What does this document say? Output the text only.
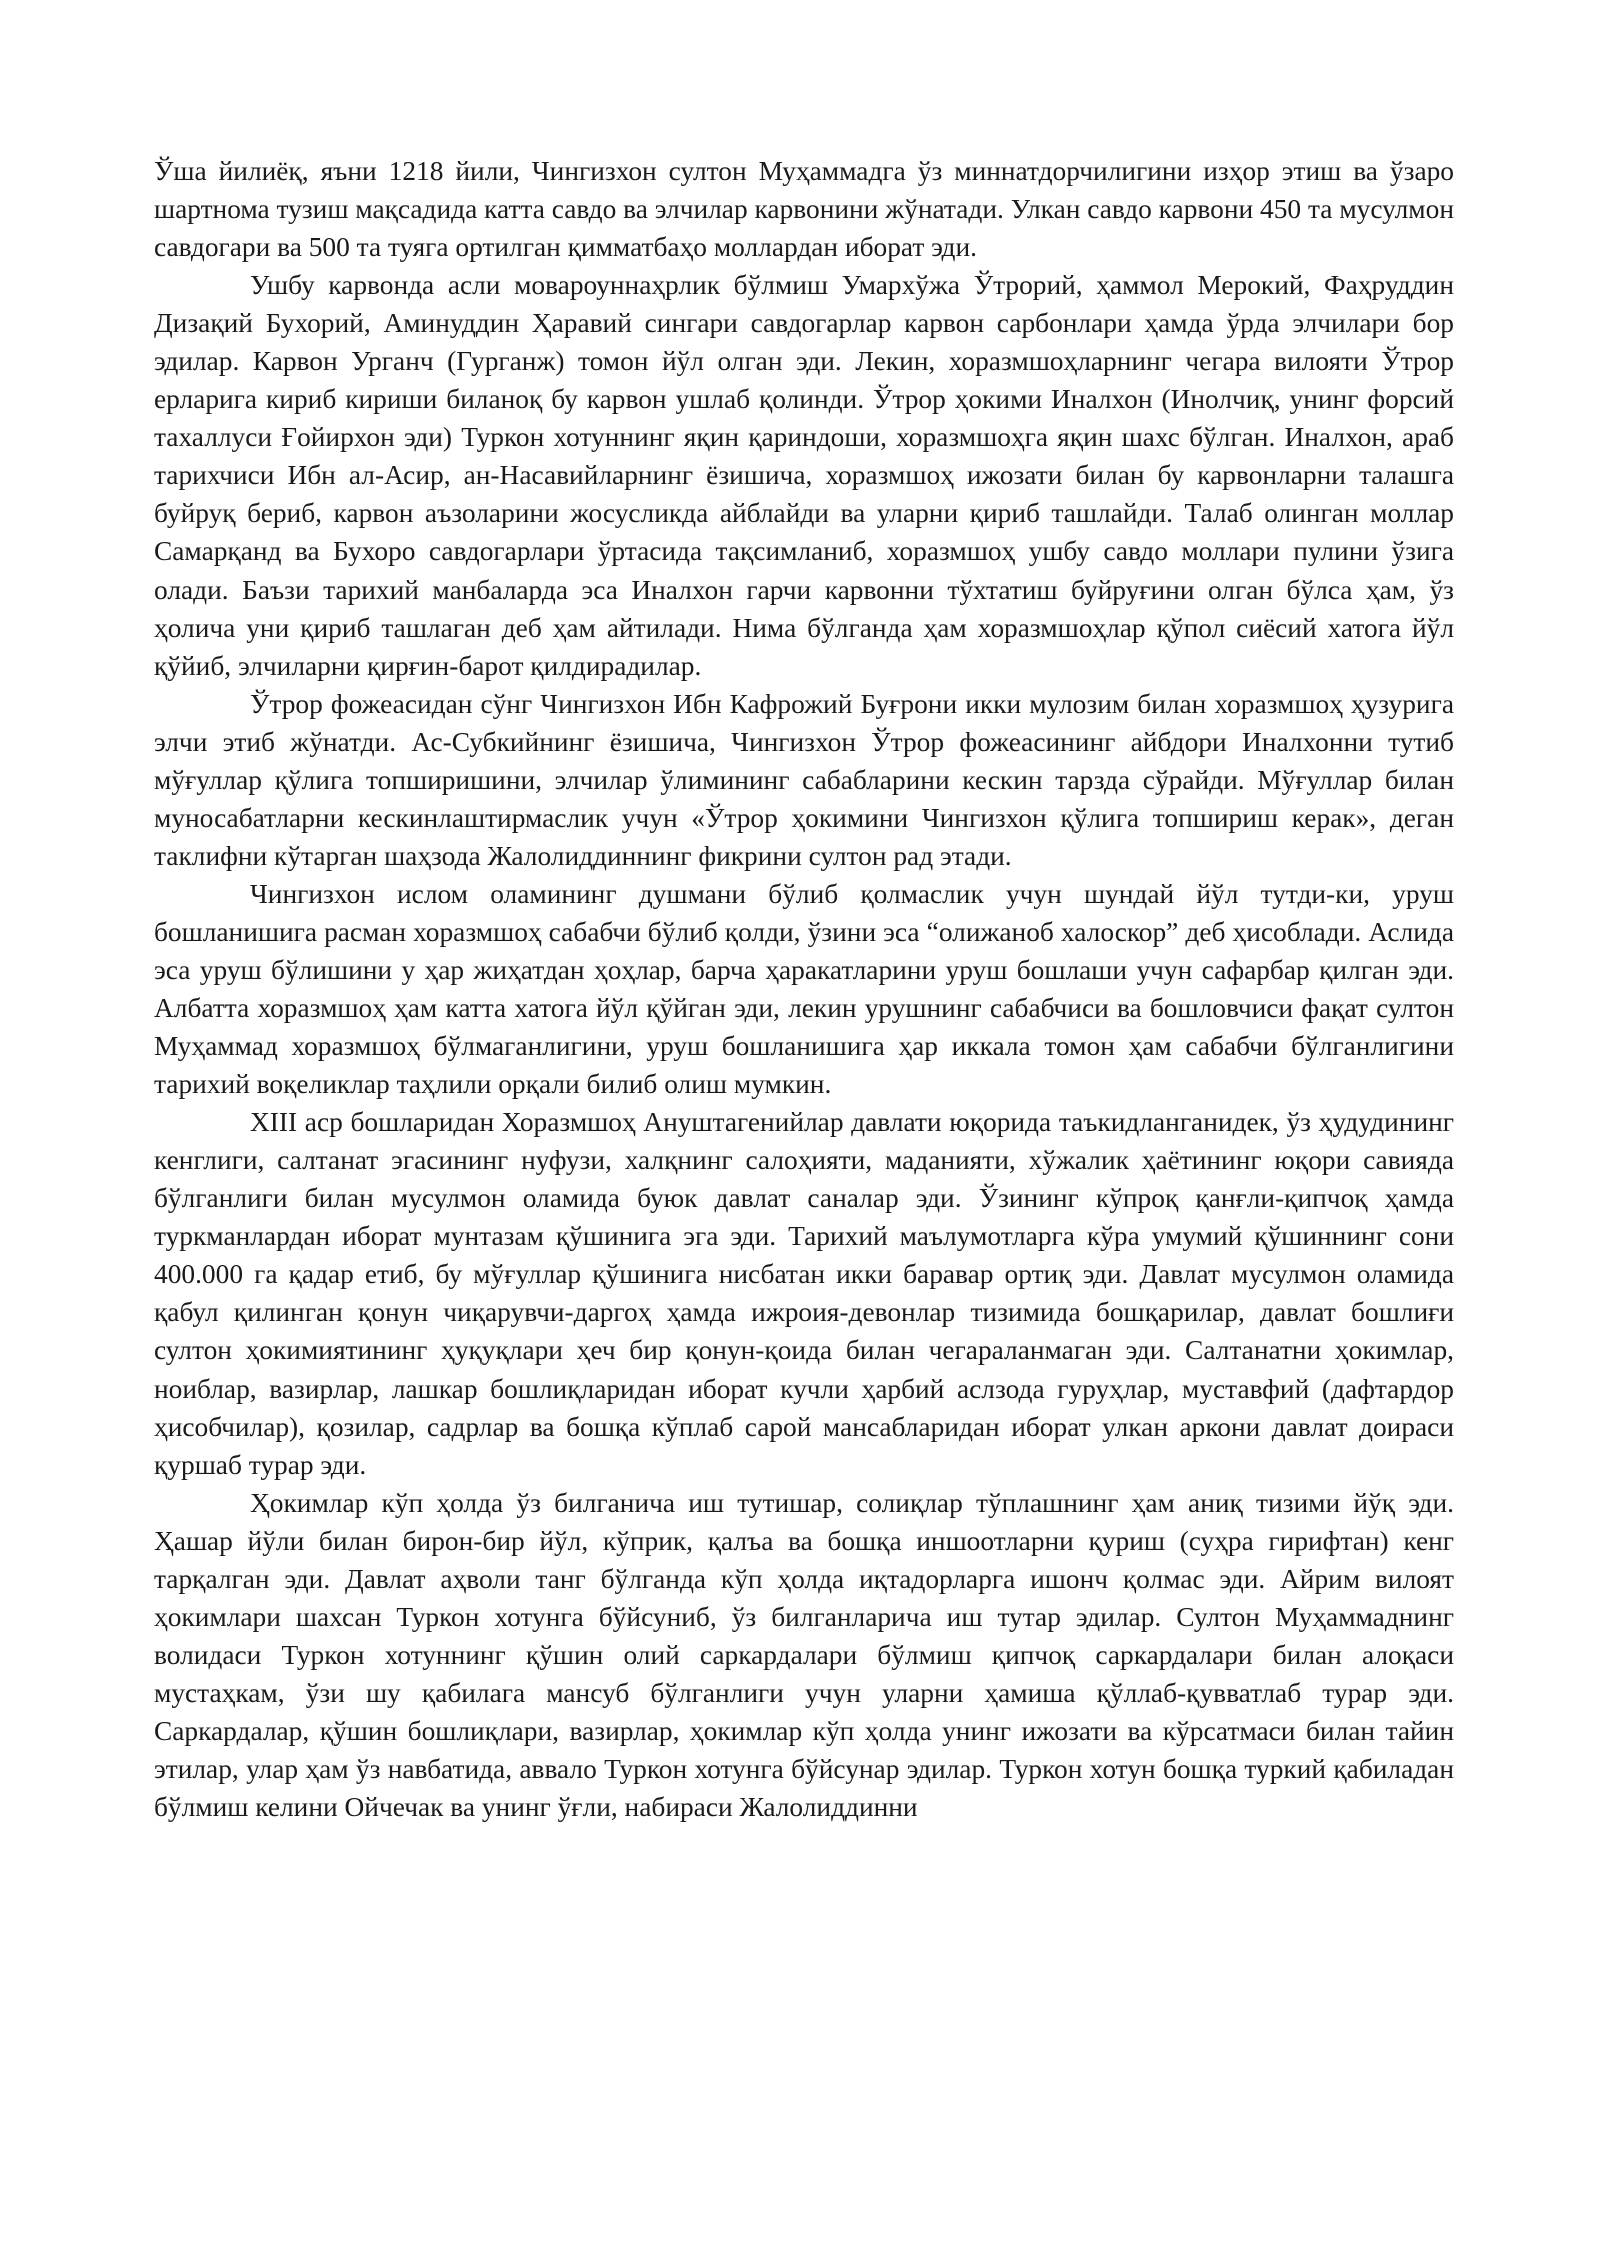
Ўша йилиёқ, яъни 1218 йили, Чингизхон султон Муҳаммадга ўз миннатдорчилигини изҳор этиш ва ўзаро шартнома тузиш мақсадида катта савдо ва элчилар карвонини жўнатади. Улкан савдо карвони 450 та мусулмон савдогари ва 500 та туяга ортилган қимматбаҳо моллардан иборат эди.

Ушбу карвонда асли мовароуннаҳрлик бўлмиш Умархўжа Ўтрорий, ҳаммол Мерокий, Фаҳруддин Дизақий Бухорий, Аминуддин Ҳаравий сингари савдогарлар карвон сарбонлари ҳамда ўрда элчилари бор эдилар. Карвон Урганч (Гурганж) томон йўл олган эди. Лекин, хоразмшоҳларнинг чегара вилояти Ўтрор ерларига кириб кириши биланоқ бу карвон ушлаб қолинди. Ўтрор ҳокими Иналхон (Инолчиқ, унинг форсий тахаллуси Ғойирхон эди) Туркон хотуннинг яқин қариндоши, хоразмшоҳга яқин шахс бўлган. Иналхон, араб тарихчиси Ибн ал-Асир, ан-Насавийларнинг ёзишича, хоразмшоҳ ижозати билан бу карвонларни талашга буйруқ бериб, карвон аъзоларини жосусликда айблайди ва уларни қириб ташлайди. Талаб олинган моллар Самарқанд ва Бухоро савдогарлари ўртасида тақсимланиб, хоразмшоҳ ушбу савдо моллари пулини ўзига олади. Баъзи тарихий манбаларда эса Иналхон гарчи карвонни тўхтатиш буйруғини олган бўлса ҳам, ўз ҳолича уни қириб ташлаган деб ҳам айтилади. Нима бўлганда ҳам хоразмшоҳлар қўпол сиёсий хатога йўл қўйиб, элчиларни қирғин-барот қилдирадилар.

Ўтрор фожеасидан сўнг Чингизхон Ибн Кафрожий Буғрони икки мулозим билан хоразмшоҳ ҳузурига элчи этиб жўнатди. Ас-Субкийнинг ёзишича, Чингизхон Ўтрор фожеасининг айбдори Иналхонни тутиб мўғуллар қўлига топширишини, элчилар ўлимининг сабабларини кескин тарзда сўрайди. Мўғуллар билан муносабатларни кескинлаштирмаслик учун «Ўтрор ҳокимини Чингизхон қўлига топшириш керак», деган таклифни кўтарган шаҳзода Жалолиддиннинг фикрини султон рад этади.

Чингизхон ислом оламининг душмани бўлиб қолмаслик учун шундай йўл тутди-ки, уруш бошланишига расман хоразмшоҳ сабабчи бўлиб қолди, ўзини эса “олижаноб халоскор” деб ҳисоблади. Аслида эса уруш бўлишини у ҳар жиҳатдан ҳоҳлар, барча ҳаракатларини уруш бошлаши учун сафарбар қилган эди. Албатта хоразмшоҳ ҳам катта хатога йўл қўйган эди, лекин урушнинг сабабчиси ва бошловчиси фақат султон Муҳаммад хоразмшоҳ бўлмаганлигини, уруш бошланишига ҳар иккала томон ҳам сабабчи бўлганлигини тарихий воқеликлар таҳлили орқали билиб олиш мумкин.

XIII аср бошларидан Хоразмшоҳ Ануштагенийлар давлати юқорида таъкидланганидек, ўз ҳудудининг кенглиги, салтанат эгасининг нуфузи, халқнинг салоҳияти, маданияти, хўжалик ҳаётининг юқори савияда бўлганлиги билан мусулмон оламида буюк давлат саналар эди. Ўзининг кўпроқ қанғли-қипчоқ ҳамда туркманлардан иборат мунтазам қўшинига эга эди. Тарихий маълумотларга кўра умумий қўшиннинг сони 400.000 га қадар етиб, бу мўғуллар қўшинига нисбатан икки баравар ортиқ эди. Давлат мусулмон оламида қабул қилинган қонун чиқарувчи-даргоҳ ҳамда ижроия-девонлар тизимида бошқарилар, давлат бошлиғи султон ҳокимиятининг ҳуқуқлари ҳеч бир қонун-қоида билан чегараланмаган эди. Салтанатни ҳокимлар, ноиблар, вазирлар, лашкар бошлиқларидан иборат кучли ҳарбий аслзода гуруҳлар, муставфий (дафтардор ҳисобчилар), қозилар, садрлар ва бошқа кўплаб сарой мансабларидан иборат улкан аркони давлат доираси қуршаб турар эди.

Ҳокимлар кўп ҳолда ўз билганича иш тутишар, солиқлар тўплашнинг ҳам аниқ тизими йўқ эди. Ҳашар йўли билан бирон-бир йўл, кўприк, қалъа ва бошқа иншоотларни қуриш (суҳра гирифтан) кенг тарқалган эди. Давлат аҳволи танг бўлганда кўп ҳолда иқтадорларга ишонч қолмас эди. Айрим вилоят ҳокимлари шахсан Туркон хотунга бўйсуниб, ўз билганларича иш тутар эдилар. Султон Муҳаммаднинг волидаси Туркон хотуннинг қўшин олий саркардалари бўлмиш қипчоқ саркардалари билан алоқаси мустаҳкам, ўзи шу қабилага мансуб бўлганлиги учун уларни ҳамиша қўллаб-қувватлаб турар эди. Саркардалар, қўшин бошлиқлари, вазирлар, ҳокимлар кўп ҳолда унинг ижозати ва кўрсатмаси билан тайин этилар, улар ҳам ўз навбатида, аввало Туркон хотунга бўйсунар эдилар. Туркон хотун бошқа туркий қабиладан бўлмиш келини Ойчечак ва унинг ўғли, набираси Жалолиддинни
